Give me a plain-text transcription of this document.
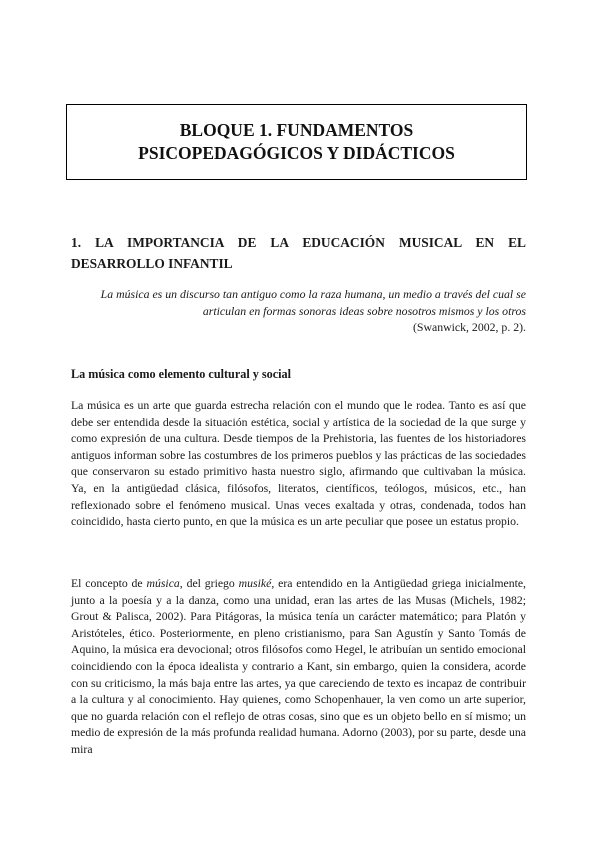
BLOQUE 1. FUNDAMENTOS
PSICOPEDAGÓGICOS Y DIDÁCTICOS
1. LA IMPORTANCIA DE LA EDUCACIÓN MUSICAL EN EL DESARROLLO INFANTIL
La música es un discurso tan antiguo como la raza humana, un medio a través del cual se articulan en formas sonoras ideas sobre nosotros mismos y los otros
(Swanwick, 2002, p. 2).
La música como elemento cultural y social

La música es un arte que guarda estrecha relación con el mundo que le rodea. Tanto es así que debe ser entendida desde la situación estética, social y artística de la sociedad de la que surge y como expresión de una cultura. Desde tiempos de la Prehistoria, las fuentes de los historiadores antiguos informan sobre las costumbres de los primeros pueblos y las prácticas de las sociedades que conservaron su estado primitivo hasta nuestro siglo, afirmando que cultivaban la música. Ya, en la antigüedad clásica, filósofos, literatos, científicos, teólogos, músicos, etc., han reflexionado sobre el fenómeno musical. Unas veces exaltada y otras, condenada, todos han coincidido, hasta cierto punto, en que la música es un arte peculiar que posee un estatus propio.

El concepto de música, del griego musiké, era entendido en la Antigüedad griega inicialmente, junto a la poesía y a la danza, como una unidad, eran las artes de las Musas (Michels, 1982; Grout & Palisca, 2002). Para Pitágoras, la música tenía un carácter matemático; para Platón y Aristóteles, ético. Posteriormente, en pleno cristianismo, para San Agustín y Santo Tomás de Aquino, la música era devocional; otros filósofos como Hegel, le atribuían un sentido emocional coincidiendo con la época idealista y contrario a Kant, sin embargo, quien la considera, acorde con su criticismo, la más baja entre las artes, ya que careciendo de texto es incapaz de contribuir a la cultura y al conocimiento. Hay quienes, como Schopenhauer, la ven como un arte superior, que no guarda relación con el reflejo de otras cosas, sino que es un objeto bello en sí mismo; un medio de expresión de la más profunda realidad humana. Adorno (2003), por su parte, desde una mira
